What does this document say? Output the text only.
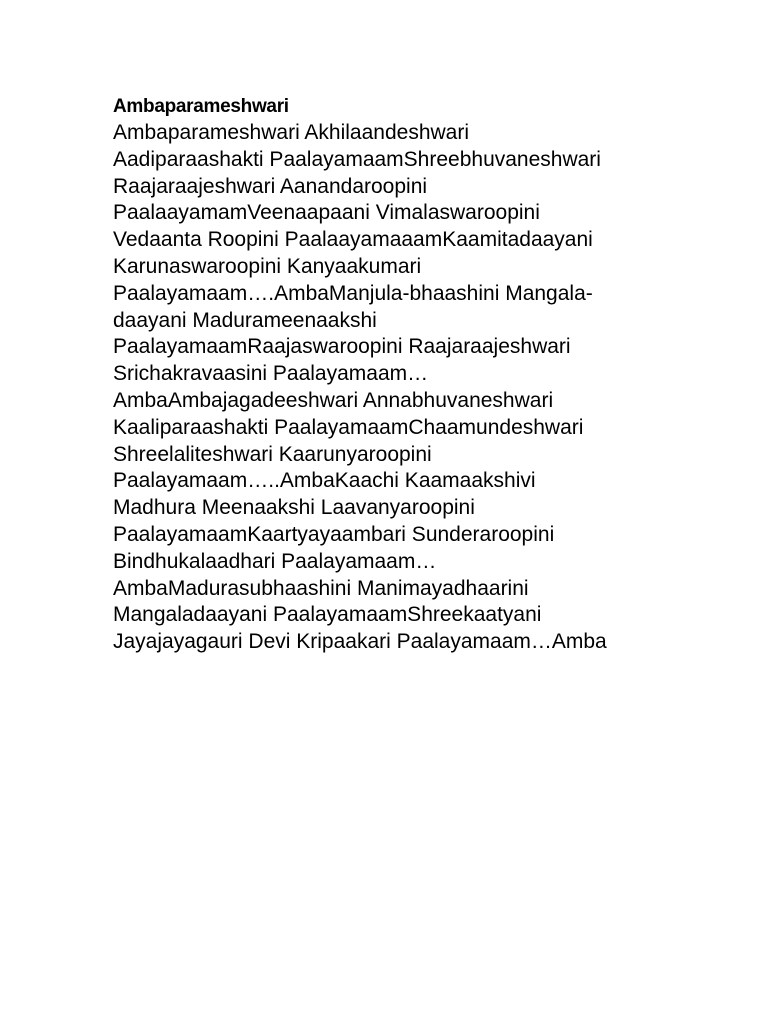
Ambaparameshwari
Ambaparameshwari Akhilaandeshwari
Aadiparaashakti PaalayamaamShreebhuvaneshwari
Raajaraajeshwari Aanandaroopini
PaalaayamamVeenaapaani Vimalaswaroopini
Vedaanta Roopini PaalaayamaaamKaamitadaayani
Karunaswaroopini Kanyaakumari
Paalayamaam….AmbaManjula-bhaashini Mangala-
daayani Madurameenaakshi
PaalayamaamRaajaswaroopini Raajaraajeshwari
Srichakravaasini Paalayamaam…
AmbaAmbajagadeeshwari Annabhuvaneshwari
Kaaliparaashakti PaalayamaamChaamundeshwari
Shreelaliteshwari Kaarunyaroopini
Paalayamaam…..AmbaKaachi Kaamaakshivi
Madhura Meenaakshi Laavanyaroopini
PaalayamaamKaartyayaambari Sunderaroopini
Bindhukalaadhari Paalayamaam…
AmbaMadurasubhaashini Manimayadhaarini
Mangaladaayani PaalayamaamShreekaatyani
Jayajayagauri Devi Kripaakari Paalayamaam…Amba
